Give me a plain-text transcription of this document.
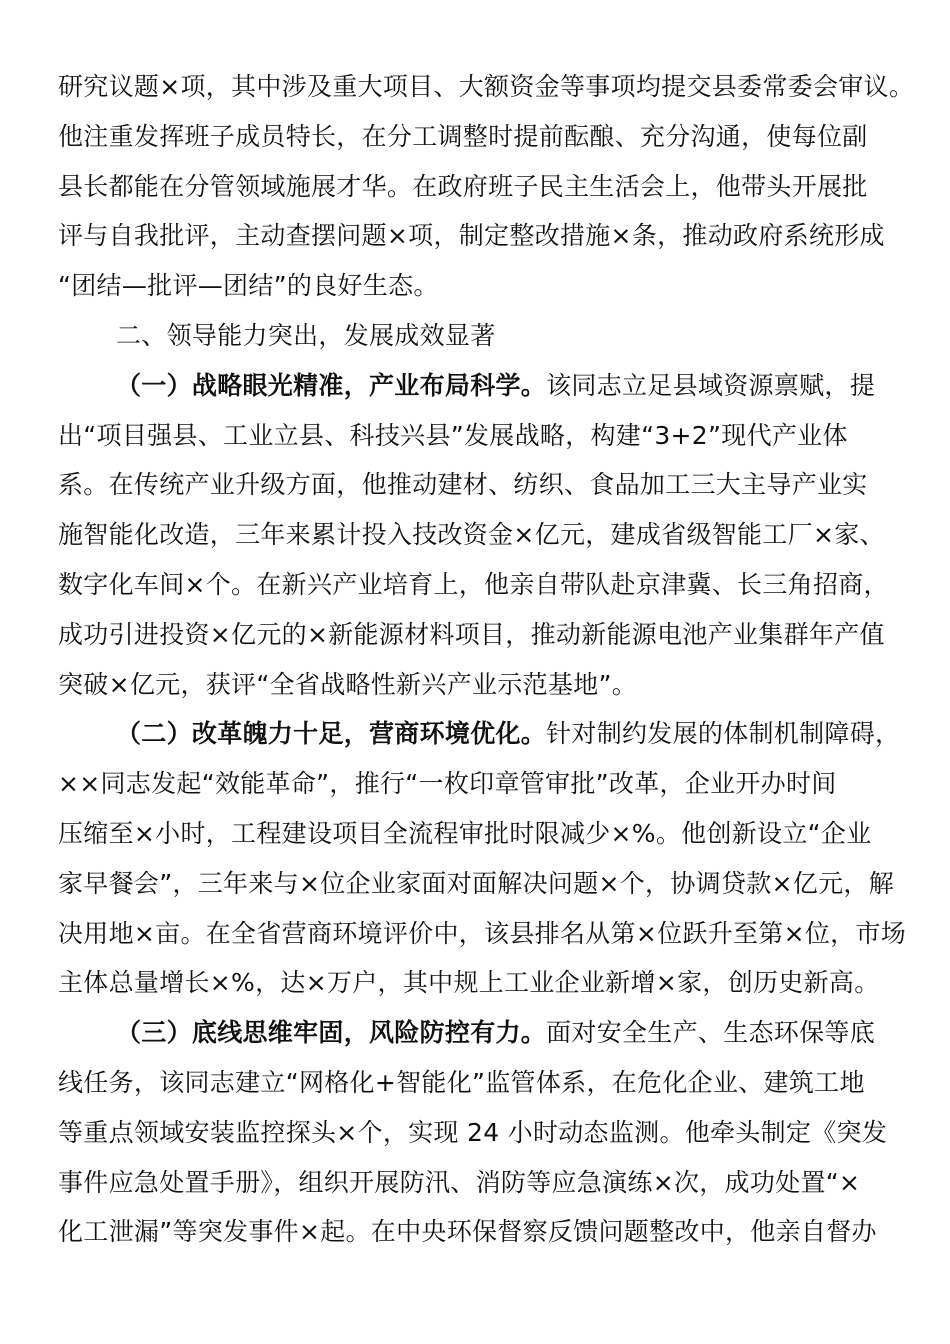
研究议题×项，其中涉及重大项目、大额资金等事项均提交县委常委会审议。
他注重发挥班子成员特长，在分工调整时提前酝酿、充分沟通，使每位副
县长都能在分管领域施展才华。在政府班子民主生活会上，他带头开展批
评与自我批评，主动查摆问题×项，制定整改措施×条，推动政府系统形成
“团结—批评—团结”的良好生态。
二、领导能力突出，发展成效显著
（一）战略眼光精准，产业布局科学。该同志立足县域资源禀赋，提
出“项目强县、工业立县、科技兴县”发展战略，构建“3+2”现代产业体
系。在传统产业升级方面，他推动建材、纺织、食品加工三大主导产业实
施智能化改造，三年来累计投入技改资金×亿元，建成省级智能工厂×家、
数字化车间×个。在新兴产业培育上，他亲自带队赴京津冀、长三角招商，
成功引进投资×亿元的×新能源材料项目，推动新能源电池产业集群年产值
突破×亿元，获评“全省战略性新兴产业示范基地”。
（二）改革魄力十足，营商环境优化。针对制约发展的体制机制障碍，
××同志发起“效能革命”，推行“一枚印章管审批”改革，企业开办时间
压缩至×小时，工程建设项目全流程审批时限减少×%。他创新设立“企业
家早餐会”，三年来与×位企业家面对面解决问题×个，协调贷款×亿元，解
决用地×亩。在全省营商环境评价中，该县排名从第×位跃升至第×位，市场
主体总量增长×%，达×万户，其中规上工业企业新增×家，创历史新高。
（三）底线思维牢固，风险防控有力。面对安全生产、生态环保等底
线任务，该同志建立“网格化+智能化”监管体系，在危化企业、建筑工地
等重点领域安装监控探头×个，实现 24 小时动态监测。他牵头制定《突发
事件应急处置手册》，组织开展防汛、消防等应急演练×次，成功处置“×
化工泄漏”等突发事件×起。在中央环保督察反馈问题整改中，他亲自督办
